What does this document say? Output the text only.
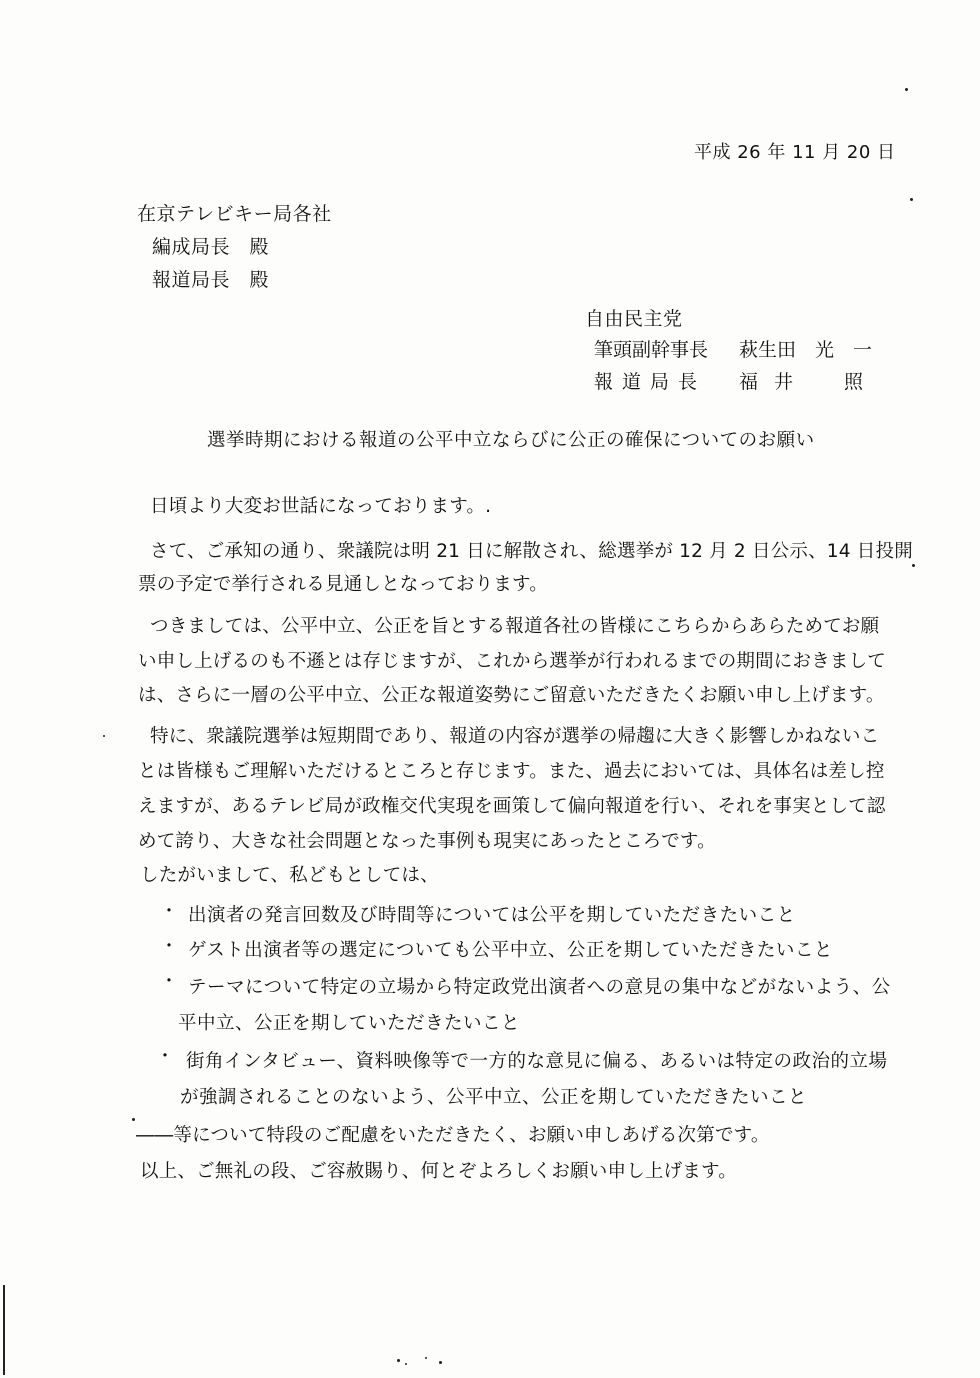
平成 26 年 11 月 20 日
在京テレビキー局各社
編成局長　殿
報道局長　殿
自由民主党
筆頭副幹事長 萩生田　光　一
報道局長 福井　照
選挙時期における報道の公平中立ならびに公正の確保についてのお願い
日頃より大変お世話になっております。.
さて、ご承知の通り、衆議院は明 21 日に解散され、総選挙が 12 月 2 日公示、14 日投開
票の予定で挙行される見通しとなっております。
つきましては、公平中立、公正を旨とする報道各社の皆様にこちらからあらためてお願
い申し上げるのも不遜とは存じますが、これから選挙が行われるまでの期間におきまして
は、さらに一層の公平中立、公正な報道姿勢にご留意いただきたくお願い申し上げます。
特に、衆議院選挙は短期間であり、報道の内容が選挙の帰趨に大きく影響しかねないこ
とは皆様もご理解いただけるところと存じます。また、過去においては、具体名は差し控
えますが、あるテレビ局が政権交代実現を画策して偏向報道を行い、それを事実として認
めて誇り、大きな社会問題となった事例も現実にあったところです。
したがいまして、私どもとしては、
・ 出演者の発言回数及び時間等については公平を期していただきたいこと
・ ゲスト出演者等の選定についても公平中立、公正を期していただきたいこと
・ テーマについて特定の立場から特定政党出演者への意見の集中などがないよう、公
平中立、公正を期していただきたいこと
・ 街角インタビュー、資料映像等で一方的な意見に偏る、あるいは特定の政治的立場
が強調されることのないよう、公平中立、公正を期していただきたいこと
――等について特段のご配慮をいただきたく、お願い申しあげる次第です。
以上、ご無礼の段、ご容赦賜り、何とぞよろしくお願い申し上げます。
